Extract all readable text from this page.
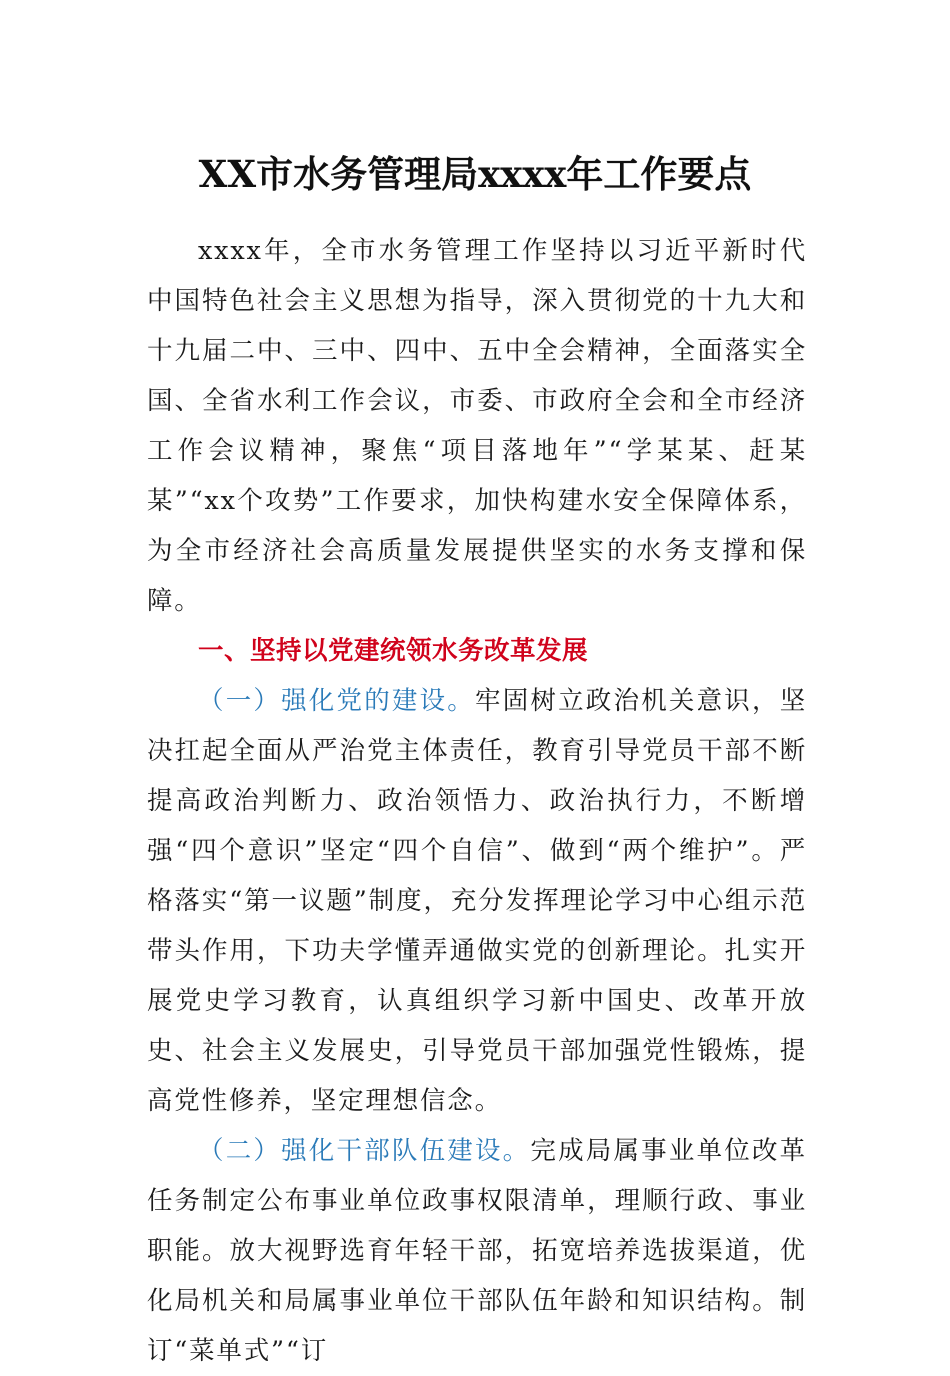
XX市水务管理局xxxx年工作要点

xxxx年，全市水务管理工作坚持以习近平新时代中国特色社会主义思想为指导，深入贯彻党的十九大和十九届二中、三中、四中、五中全会精神，全面落实全国、全省水利工作会议，市委、市政府全会和全市经济工作会议精神，聚焦“项目落地年”“学某某、赶某某”“xx个攻势”工作要求，加快构建水安全保障体系，为全市经济社会高质量发展提供坚实的水务支撑和保障。

一、坚持以党建统领水务改革发展

（一）强化党的建设。牢固树立政治机关意识，坚决扛起全面从严治党主体责任，教育引导党员干部不断提高政治判断力、政治领悟力、政治执行力，不断增强“四个意识”坚定“四个自信”、做到“两个维护”。严格落实“第一议题”制度，充分发挥理论学习中心组示范带头作用，下功夫学懂弄通做实党的创新理论。扎实开展党史学习教育，认真组织学习新中国史、改革开放史、社会主义发展史，引导党员干部加强党性锻炼，提高党性修养，坚定理想信念。

（二）强化干部队伍建设。完成局属事业单位改革任务制定公布事业单位政事权限清单，理顺行政、事业职能。放大视野选育年轻干部，拓宽培养选拔渠道，优化局机关和局属事业单位干部队伍年龄和知识结构。制订“菜单式”“订
